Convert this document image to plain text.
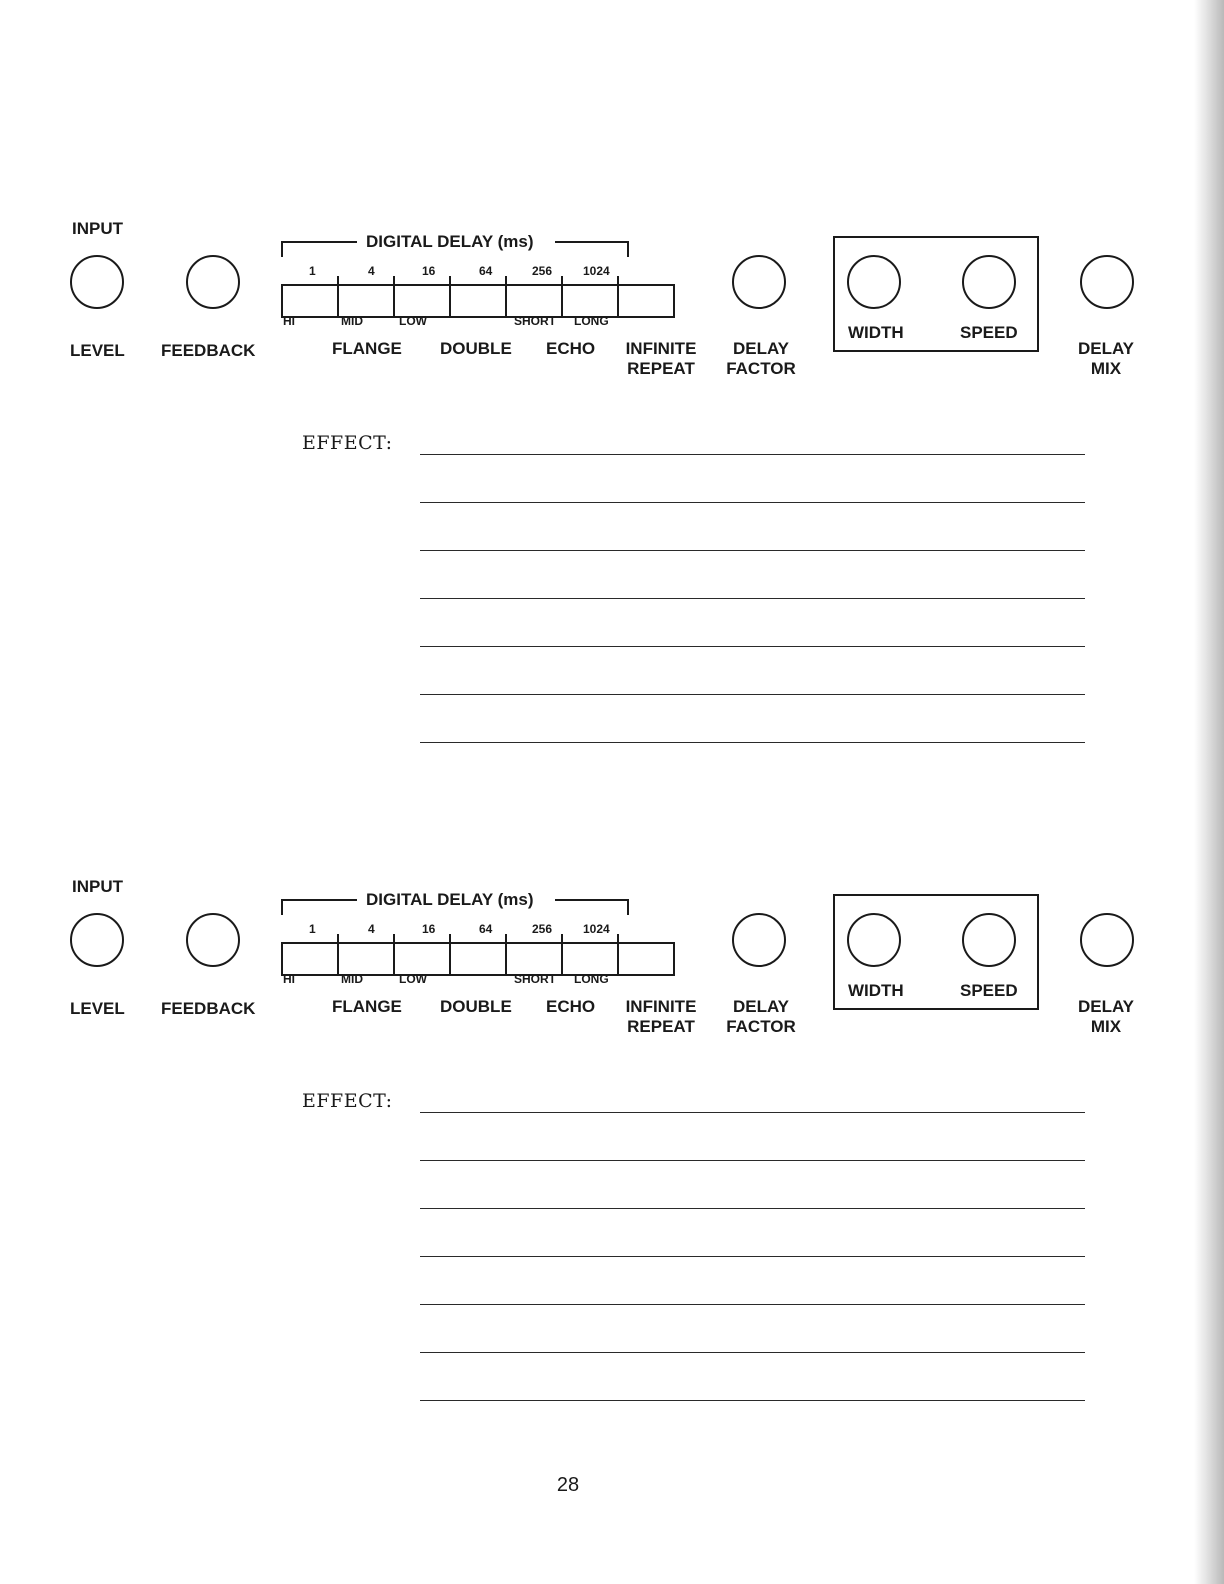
INPUT
LEVEL FEEDBACK
DIGITAL DELAY (ms)
1	4	16	64	256	1024
HI	MID	LOW	SHORT LONG
FLANGE DOUBLE ECHO	INFINITE
REPEAT
DELAY
FACTOR
WIDTH	SPEED
DELAY
MIX
EFFECT:
INPUT
LEVEL FEEDBACK
DIGITAL DELAY (ms)
1	4	16	64	256	1024
HI	MID	LOW	SHORT LONG
FLANGE DOUBLE ECHO	INFINITE
REPEAT
DELAY
FACTOR
WIDTH	SPEED
DELAY
MIX
EFFECT:
28
